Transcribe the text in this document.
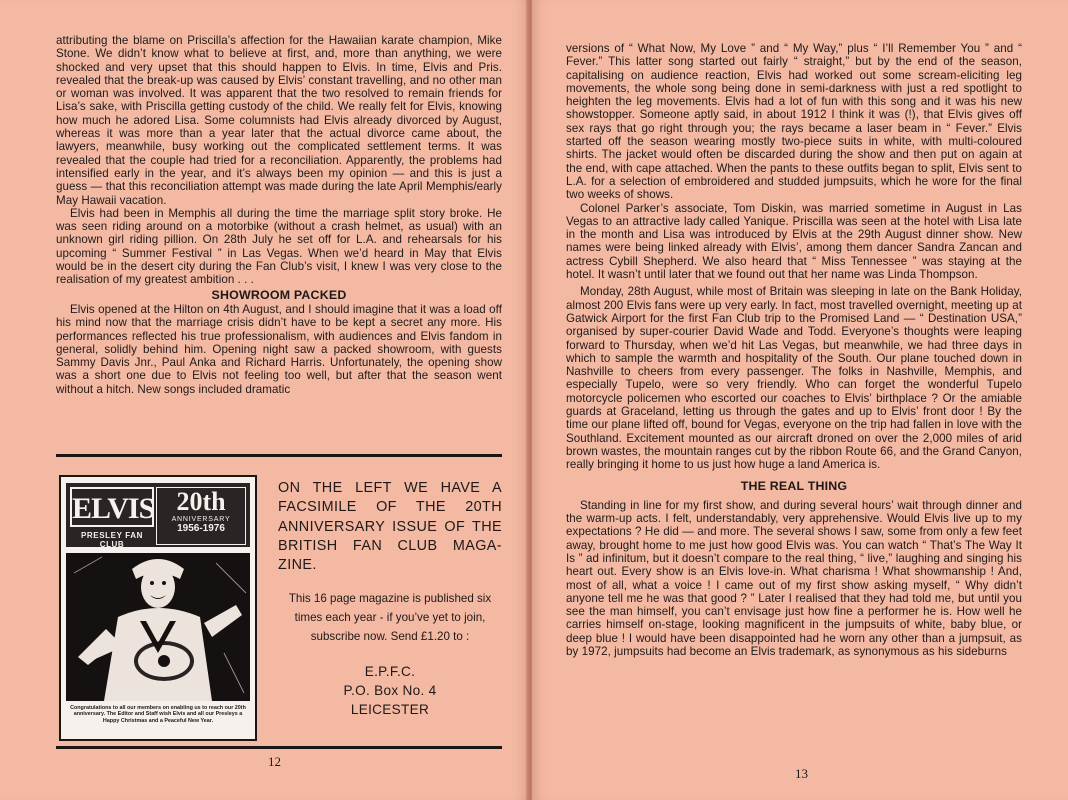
attributing the blame on Priscilla’s affection for the Hawaiian karate champion, Mike Stone. We didn’t know what to believe at first, and, more than anything, we were shocked and very upset that this should happen to Elvis. In time, Elvis and Pris. revealed that the break-up was caused by Elvis’ constant travelling, and no other man or woman was involved. It was apparent that the two resolved to remain friends for Lisa’s sake, with Priscilla getting custody of the child. We really felt for Elvis, knowing how much he adored Lisa. Some columnists had Elvis already divorced by August, whereas it was more than a year later that the actual divorce came about, the lawyers, meanwhile, busy working out the complicated settlement terms. It was revealed that the couple had tried for a reconciliation. Apparently, the problems had intensified early in the year, and it’s always been my opinion — and this is just a guess — that this reconciliation attempt was made during the late April Memphis/early May Hawaii vacation.

Elvis had been in Memphis all during the time the marriage split story broke. He was seen riding around on a motorbike (without a crash helmet, as usual) with an unknown girl riding pillion. On 28th July he set off for L.A. and rehearsals for his upcoming “ Summer Festival ” in Las Vegas. When we’d heard in May that Elvis would be in the desert city during the Fan Club’s visit, I knew I was very close to the realisation of my greatest ambition . . .

SHOWROOM PACKED

Elvis opened at the Hilton on 4th August, and I should imagine that it was a load off his mind now that the marriage crisis didn’t have to be kept a secret any more. His performances reflected his true professionalism, with audiences and Elvis fandom in general, solidly behind him. Opening night saw a packed showroom, with guests Sammy Davis Jnr., Paul Anka and Richard Harris. Unfortunately, the opening show was a short one due to Elvis not feeling too well, but after that the season went without a hitch. New songs included dramatic

ELVIS
PRESLEY FAN CLUB
20th
ANNIVERSARY
1956-1976
Congratulations to all our members on enabling us to reach our 20th anniversary. The Editor and Staff wish Elvis and all our Presleys a Happy Christmas and a Peaceful New Year.
ON THE LEFT WE HAVE A FACSIMILE OF THE 20TH ANNIVERSARY ISSUE OF THE BRITISH FAN CLUB MAGA- ZINE.
This 16 page magazine is published six times each year - if you’ve yet to join, subscribe now. Send £1.20 to :
E.P.F.C.
P.O. Box No. 4
LEICESTER
12

versions of “ What Now, My Love ” and “ My Way,” plus “ I’ll Remember You ” and “ Fever.” This latter song started out fairly “ straight,” but by the end of the season, capitalising on audience reaction, Elvis had worked out some scream-eliciting leg movements, the whole song being done in semi-darkness with just a red spotlight to heighten the leg movements. Elvis had a lot of fun with this song and it was his new showstopper. Someone aptly said, in about 1912 I think it was (!), that Elvis gives off sex rays that go right through you; the rays became a laser beam in “ Fever.” Elvis started off the season wearing mostly two-piece suits in white, with multi-coloured shirts. The jacket would often be discarded during the show and then put on again at the end, with cape attached. When the pants to these outfits began to split, Elvis sent to L.A. for a selection of embroidered and studded jumpsuits, which he wore for the final two weeks of shows.

Colonel Parker’s associate, Tom Diskin, was married sometime in August in Las Vegas to an attractive lady called Yanique. Priscilla was seen at the hotel with Lisa late in the month and Lisa was introduced by Elvis at the 29th August dinner show. New names were being linked already with Elvis’, among them dancer Sandra Zancan and actress Cybill Shepherd. We also heard that “ Miss Tennessee ” was staying at the hotel. It wasn’t until later that we found out that her name was Linda Thompson.

Monday, 28th August, while most of Britain was sleeping in late on the Bank Holiday, almost 200 Elvis fans were up very early. In fact, most travelled overnight, meeting up at Gatwick Airport for the first Fan Club trip to the Promised Land — “ Destination USA,” organised by super-courier David Wade and Todd. Everyone’s thoughts were leaping forward to Thursday, when we’d hit Las Vegas, but meanwhile, we had three days in which to sample the warmth and hospitality of the South. Our plane touched down in Nashville to cheers from every passenger. The folks in Nashville, Memphis, and especially Tupelo, were so very friendly. Who can forget the wonderful Tupelo motorcycle policemen who escorted our coaches to Elvis’ birthplace ? Or the amiable guards at Graceland, letting us through the gates and up to Elvis’ front door ! By the time our plane lifted off, bound for Vegas, everyone on the trip had fallen in love with the Southland. Excitement mounted as our aircraft droned on over the 2,000 miles of arid brown wastes, the mountain ranges cut by the ribbon Route 66, and the Grand Canyon, really bringing it home to us just how huge a land America is.

THE REAL THING

Standing in line for my first show, and during several hours’ wait through dinner and the warm-up acts. I felt, understandably, very apprehensive. Would Elvis live up to my expectations ? He did — and more. The several shows I saw, some from only a few feet away, brought home to me just how good Elvis was. You can watch “ That’s The Way It Is ” ad infinitum, but it doesn’t compare to the real thing, “ live,” laughing and singing his heart out. Every show is an Elvis love-in. What charisma ! What showmanship ! And, most of all, what a voice ! I came out of my first show asking myself, “ Why didn’t anyone tell me he was that good ? ” Later I realised that they had told me, but until you see the man himself, you can’t envisage just how fine a performer he is. How well he carries himself on-stage, looking magnificent in the jumpsuits of white, baby blue, or deep blue ! I would have been disappointed had he worn any other than a jumpsuit, as by 1972, jumpsuits had become an Elvis trademark, as synonymous as his sideburns

13
